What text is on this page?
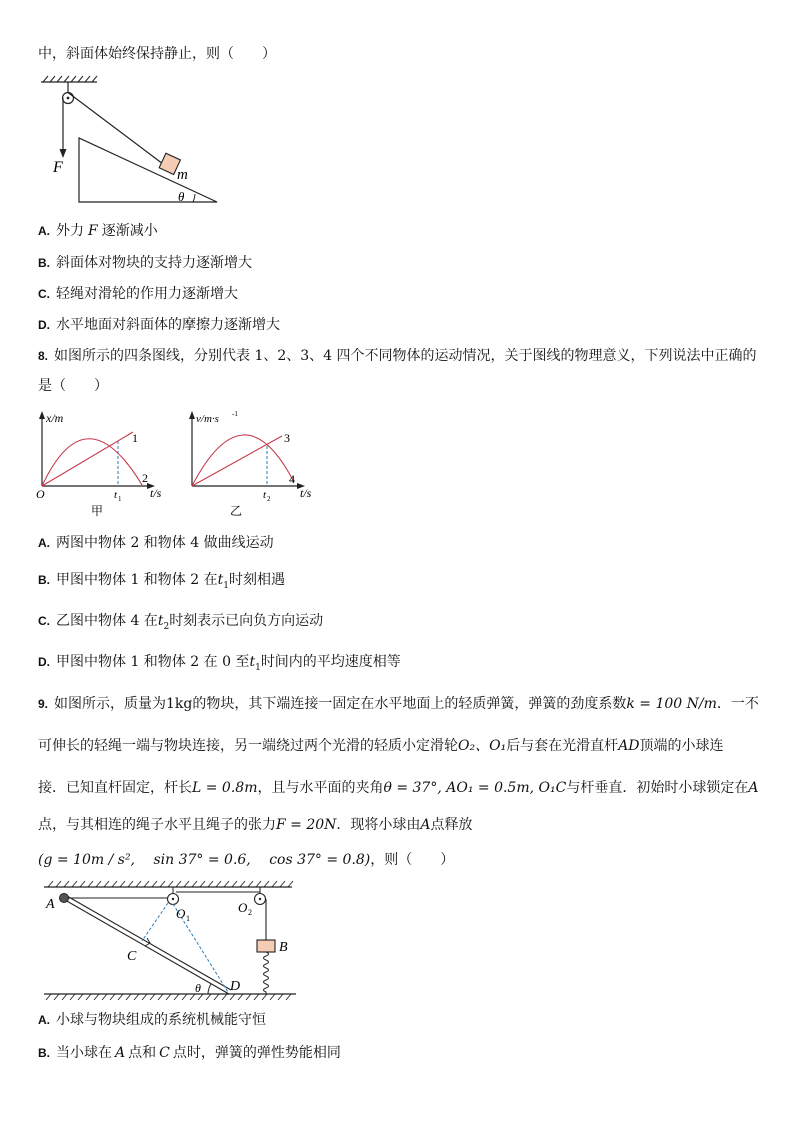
中，斜面体始终保持静止，则（　　）
F	m
θ
A. 外力 F 逐渐减小
B. 斜面体对物块的支持力逐渐增大
C. 轻绳对滑轮的作用力逐渐增大
D. 水平地面对斜面体的摩擦力逐渐增大
8. 如图所示的四条图线，分别代表 1、2、3、4 四个不同物体的运动情况，关于图线的物理意义，下列说法中正确的
是（　　）
x/m
1
2
O	t 1 t/s
甲
v/m·s -1
3
4
t 2 t/s
乙
A. 两图中物体 2 和物体 4 做曲线运动
B. 甲图中物体 1 和物体 2 在$t_1$时刻相遇
C. 乙图中物体 4 在$t_2$时刻表示已向负方向运动
D. 甲图中物体 1 和物体 2 在 0 至$t_1$时间内的平均速度相等
9. 如图所示，质量为1kg的物块，其下端连接一固定在水平地面上的轻质弹簧，弹簧的劲度系数k = 100 N/m．一不
可伸长的轻绳一端与物块连接，另一端绕过两个光滑的轻质小定滑轮O₂、O₁后与套在光滑直杆AD顶端的小球连
接．已知直杆固定，杆长L = 0.8m，且与水平面的夹角θ = 37°, AO₁ = 0.5m, O₁C与杆垂直．初始时小球锁定在A
点，与其相连的绳子水平且绳子的张力F = 20N．现将小球由A点释放
(g = 10m / s², 　sin 37° = 0.6, 　cos 37° = 0.8)，则（　　）
A
O 1
O 2
B
C
D
θ
A. 小球与物块组成的系统机械能守恒
B. 当小球在 A 点和 C 点时，弹簧的弹性势能相同
